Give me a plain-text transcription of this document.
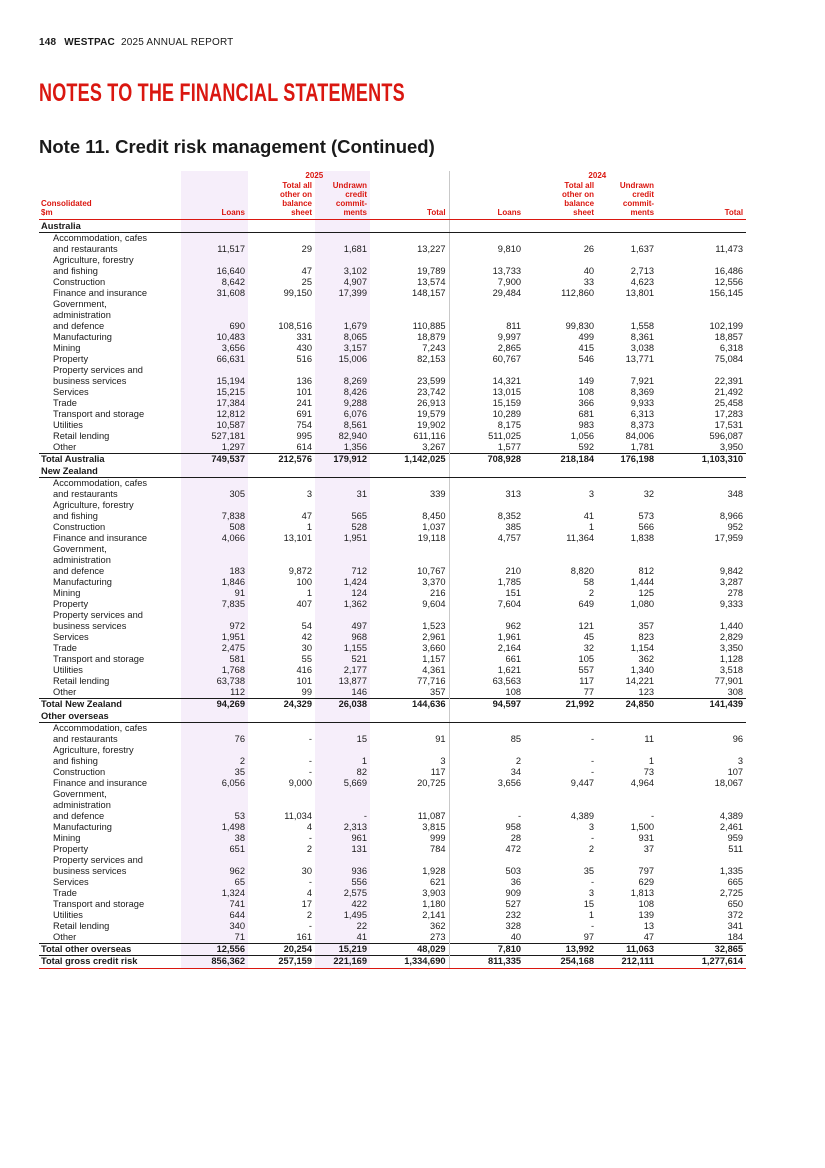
148 WESTPAC 2025 ANNUAL REPORT
NOTES TO THE FINANCIAL STATEMENTS
Note 11. Credit risk management (Continued)
	2025				2024			
Consolidated
$m	Loans	Total all
other on
balance
sheet	Undrawn
credit
commit-
ments	Total	Loans	Total all
other on
balance
sheet	Undrawn
credit
commit-
ments	Total
Australia								
Accommodation, cafes
and restaurants	11,517	29	1,681	13,227	9,810	26	1,637	11,473
Agriculture, forestry
and fishing	16,640	47	3,102	19,789	13,733	40	2,713	16,486
Construction	8,642	25	4,907	13,574	7,900	33	4,623	12,556
Finance and insurance	31,608	99,150	17,399	148,157	29,484	112,860	13,801	156,145
Government,
administration
and defence	690	108,516	1,679	110,885	811	99,830	1,558	102,199
Manufacturing	10,483	331	8,065	18,879	9,997	499	8,361	18,857
Mining	3,656	430	3,157	7,243	2,865	415	3,038	6,318
Property	66,631	516	15,006	82,153	60,767	546	13,771	75,084
Property services and
business services	15,194	136	8,269	23,599	14,321	149	7,921	22,391
Services	15,215	101	8,426	23,742	13,015	108	8,369	21,492
Trade	17,384	241	9,288	26,913	15,159	366	9,933	25,458
Transport and storage	12,812	691	6,076	19,579	10,289	681	6,313	17,283
Utilities	10,587	754	8,561	19,902	8,175	983	8,373	17,531
Retail lending	527,181	995	82,940	611,116	511,025	1,056	84,006	596,087
Other	1,297	614	1,356	3,267	1,577	592	1,781	3,950
Total Australia	749,537	212,576	179,912	1,142,025	708,928	218,184	176,198	1,103,310
New Zealand								
Accommodation, cafes
and restaurants	305	3	31	339	313	3	32	348
Agriculture, forestry
and fishing	7,838	47	565	8,450	8,352	41	573	8,966
Construction	508	1	528	1,037	385	1	566	952
Finance and insurance	4,066	13,101	1,951	19,118	4,757	11,364	1,838	17,959
Government,
administration
and defence	183	9,872	712	10,767	210	8,820	812	9,842
Manufacturing	1,846	100	1,424	3,370	1,785	58	1,444	3,287
Mining	91	1	124	216	151	2	125	278
Property	7,835	407	1,362	9,604	7,604	649	1,080	9,333
Property services and
business services	972	54	497	1,523	962	121	357	1,440
Services	1,951	42	968	2,961	1,961	45	823	2,829
Trade	2,475	30	1,155	3,660	2,164	32	1,154	3,350
Transport and storage	581	55	521	1,157	661	105	362	1,128
Utilities	1,768	416	2,177	4,361	1,621	557	1,340	3,518
Retail lending	63,738	101	13,877	77,716	63,563	117	14,221	77,901
Other	112	99	146	357	108	77	123	308
Total New Zealand	94,269	24,329	26,038	144,636	94,597	21,992	24,850	141,439
Other overseas								
Accommodation, cafes
and restaurants	76	-	15	91	85	-	11	96
Agriculture, forestry
and fishing	2	-	1	3	2	-	1	3
Construction	35	-	82	117	34	-	73	107
Finance and insurance	6,056	9,000	5,669	20,725	3,656	9,447	4,964	18,067
Government,
administration
and defence	53	11,034	-	11,087	-	4,389	-	4,389
Manufacturing	1,498	4	2,313	3,815	958	3	1,500	2,461
Mining	38	-	961	999	28	-	931	959
Property	651	2	131	784	472	2	37	511
Property services and
business services	962	30	936	1,928	503	35	797	1,335
Services	65	-	556	621	36	-	629	665
Trade	1,324	4	2,575	3,903	909	3	1,813	2,725
Transport and storage	741	17	422	1,180	527	15	108	650
Utilities	644	2	1,495	2,141	232	1	139	372
Retail lending	340	-	22	362	328	-	13	341
Other	71	161	41	273	40	97	47	184
Total other overseas	12,556	20,254	15,219	48,029	7,810	13,992	11,063	32,865
Total gross credit risk	856,362	257,159	221,169	1,334,690	811,335	254,168	212,111	1,277,614
